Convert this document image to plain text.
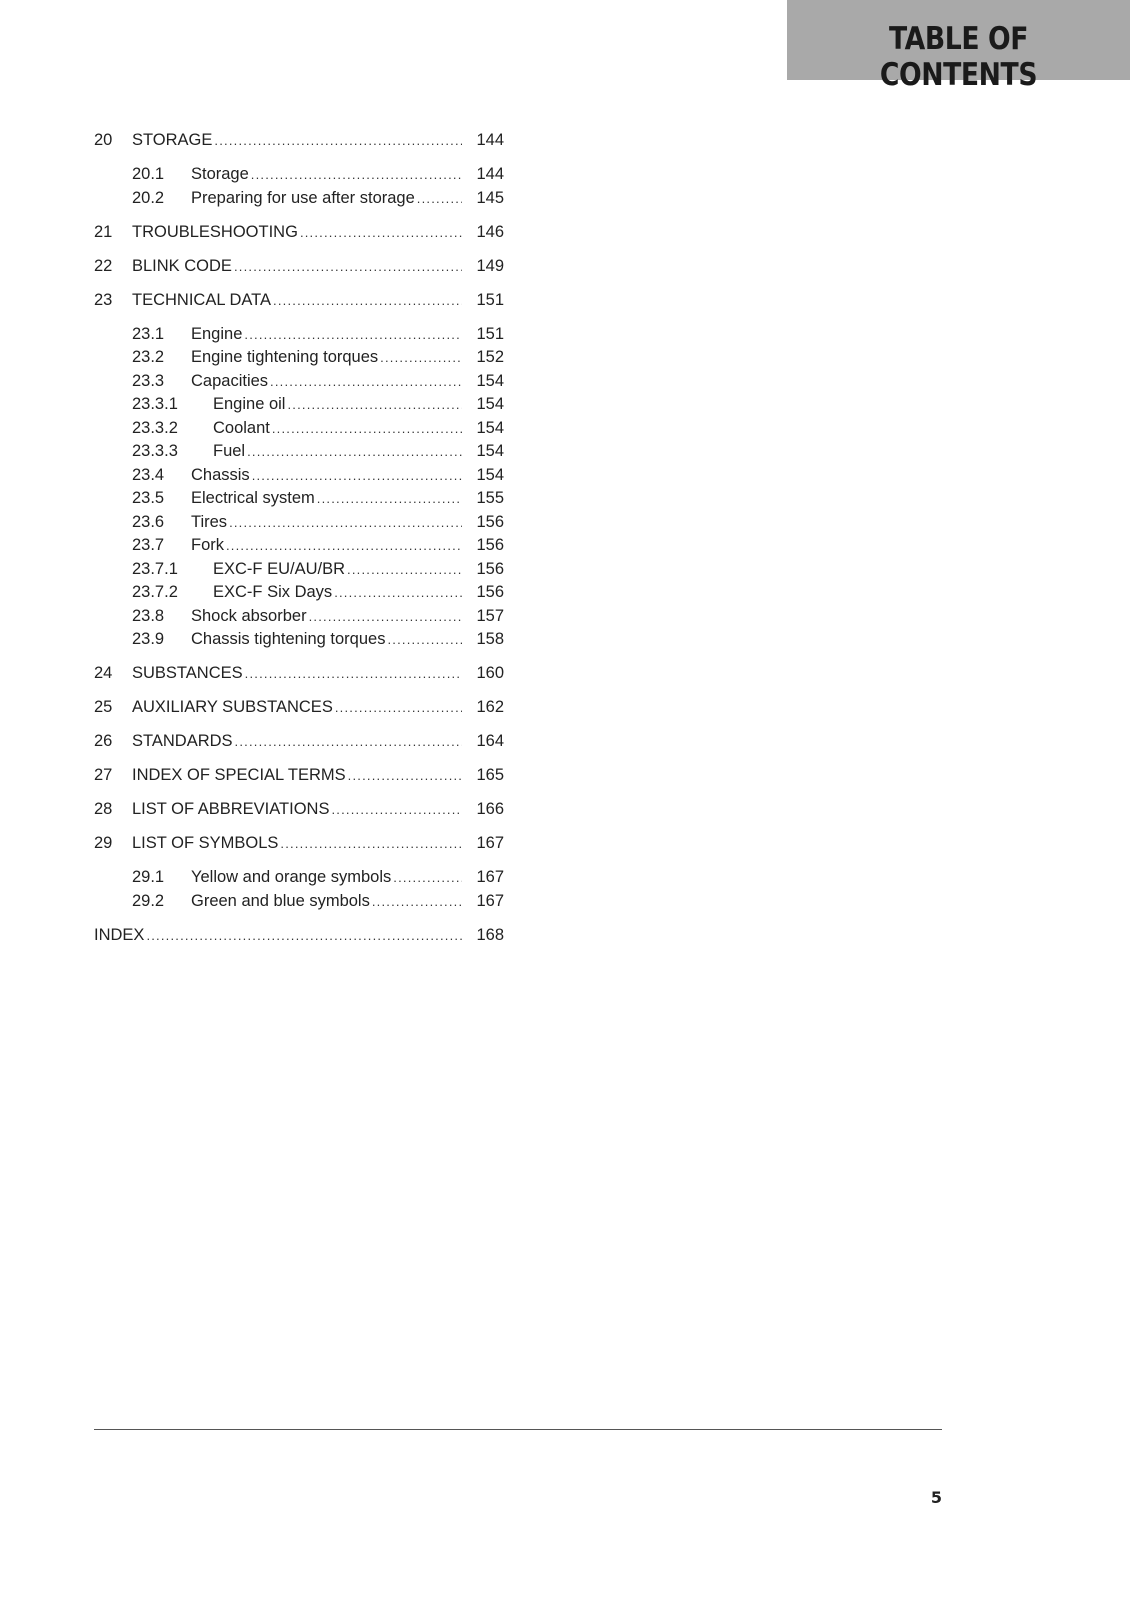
TABLE OF CONTENTS
20	STORAGE .....	144
20.1	Storage .....	144
20.2	Preparing for use after storage .....	145
21	TROUBLESHOOTING .....	146
22	BLINK CODE .....	149
23	TECHNICAL DATA .....	151
23.1	Engine .....	151
23.2	Engine tightening torques .....	152
23.3	Capacities .....	154
23.3.1	Engine oil .....	154
23.3.2	Coolant .....	154
23.3.3	Fuel .....	154
23.4	Chassis .....	154
23.5	Electrical system .....	155
23.6	Tires .....	156
23.7	Fork .....	156
23.7.1	EXC-F EU/AU/BR .....	156
23.7.2	EXC-F Six Days .....	156
23.8	Shock absorber .....	157
23.9	Chassis tightening torques .....	158
24	SUBSTANCES .....	160
25	AUXILIARY SUBSTANCES .....	162
26	STANDARDS .....	164
27	INDEX OF SPECIAL TERMS .....	165
28	LIST OF ABBREVIATIONS .....	166
29	LIST OF SYMBOLS .....	167
29.1	Yellow and orange symbols .....	167
29.2	Green and blue symbols .....	167
INDEX .....	168
5
